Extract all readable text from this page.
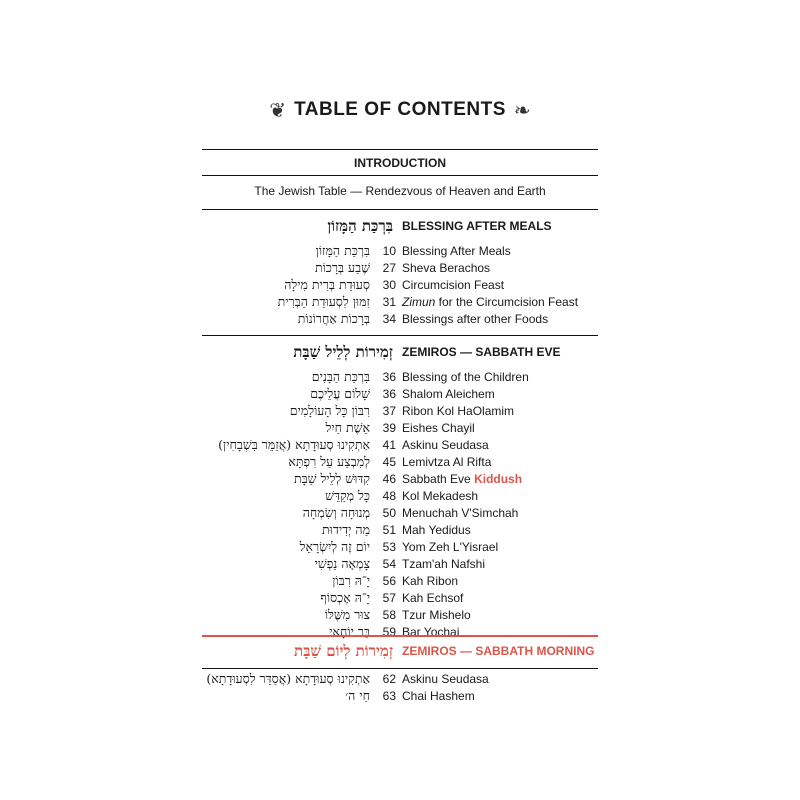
❦ TABLE OF CONTENTS ❧
INTRODUCTION
The Jewish Table — Rendezvous of Heaven and Earth
בִּרְכַּת הַמָּזוֹן BLESSING AFTER MEALS
בִּרְכַּת הַמָּזוֹן	10 Blessing After Meals
שֶׁבַע בְּרָכוֹת	27 Sheva Berachos
סְעוּדַת בְּרִית מִילָה	30 Circumcision Feast
זִמּוּן לִסְעוּדַת הַבְּרִית	31 Zimun for the Circumcision Feast
בְּרָכוֹת אַחֲרוֹנוֹת	34 Blessings after other Foods
זְמִירוֹת לְלֵיל שַׁבָּת ZEMIROS — SABBATH EVE
בִּרְכַּת הַבָּנִים	36 Blessing of the Children
שָׁלוֹם עֲלֵיכֶם	36 Shalom Aleichem
רִבּוֹן כָּל הָעוֹלָמִים	37 Ribon Kol HaOlamim
אֵשֶׁת חַיִל	39 Eishes Chayil
אַתְקִינוּ סְעוּדָתָא (אֲזַמֵּר בִּשְׁבָחִין)	41 Askinu Seudasa
לְמִבְצַע עַל רִפְתָּא	45 Lemivtza Al Rifta
קִדּוּשׁ לְלֵיל שַׁבָּת	46 Sabbath Eve Kiddush
כָּל מְקַדֵּשׁ	48 Kol Mekadesh
מְנוּחָה וְשִׂמְחָה	50 Menuchah V'Simchah
מַה יְדִידוּת	51 Mah Yedidus
יוֹם זֶה לְיִשְׂרָאֵל	53 Yom Zeh L'Yisrael
צָמְאָה נַפְשִׁי	54 Tzam'ah Nafshi
יָ־הּ רִבּוֹן	56 Kah Ribon
יָ־הּ אֶכְסוֹף	57 Kah Echsof
צוּר מִשֶּׁלּוֹ	58 Tzur Mishelo
בַּר יוֹחָאי	59 Bar Yochai
זְמִירוֹת לְיוֹם שַׁבָּת ZEMIROS — SABBATH MORNING
אַתְקִינוּ סְעוּדָתָא (אֲסַדֵּר לִסְעוּדָתָא)	62 Askinu Seudasa
חַי ה׳	63 Chai Hashem
